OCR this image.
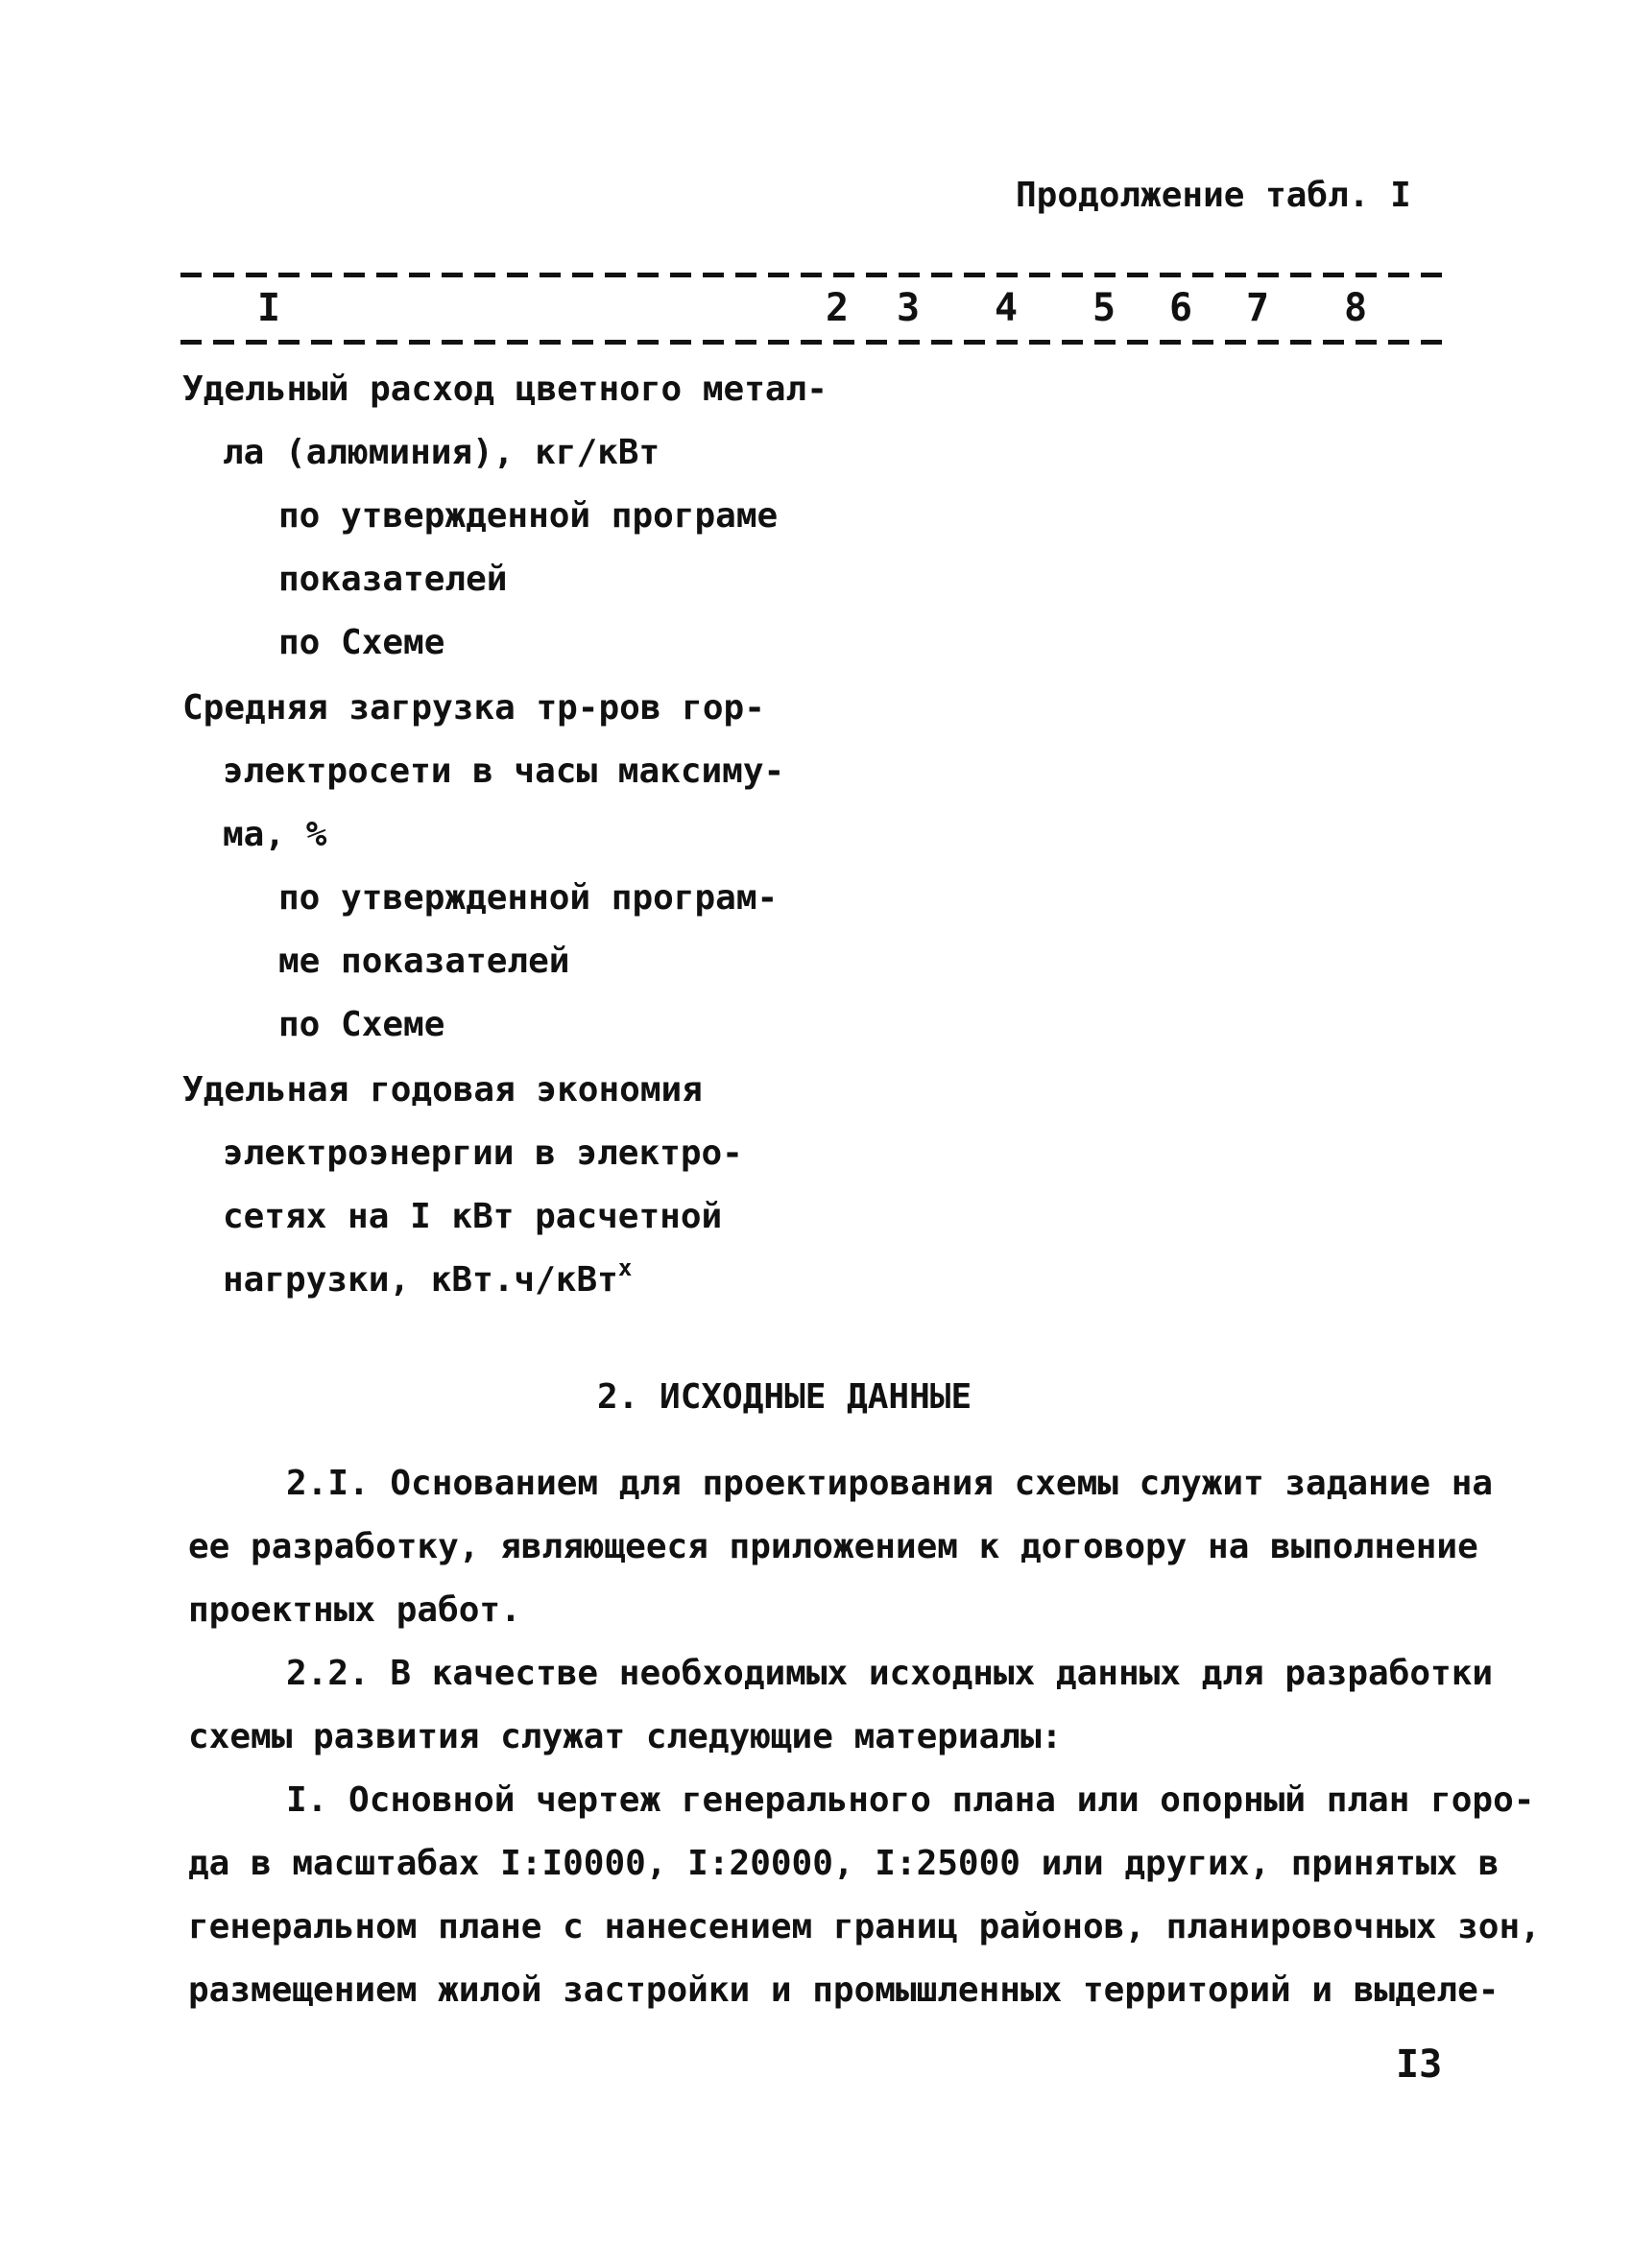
Продолжение табл. I
I	2 3 4 5 6 7 8
Удельный расход цветного метал-
ла (алюминия), кг/кВт
по утвержденной програме
показателей
по Схеме
Средняя загрузка тр-ров гор-
электросети в часы максиму-
ма, %
по утвержденной програм-
ме показателей
по Схеме
Удельная годовая экономия
электроэнергии в электро-
сетях на I кВт расчетной
нагрузки, кВт.ч/кВт$^x$
2. ИСХОДНЫЕ ДАННЫЕ
2.I. Основанием для проектирования схемы служит задание на
ее разработку, являющееся приложением к договору на выполнение
проектных работ.
2.2. В качестве необходимых исходных данных для разработки
схемы развития служат следующие материалы:
I. Основной чертеж генерального плана или опорный план горо-
да в масштабах I:I0000, I:20000, I:25000 или других, принятых в
генеральном плане с нанесением границ районов, планировочных зон,
размещением жилой застройки и промышленных территорий и выделе-
I3
